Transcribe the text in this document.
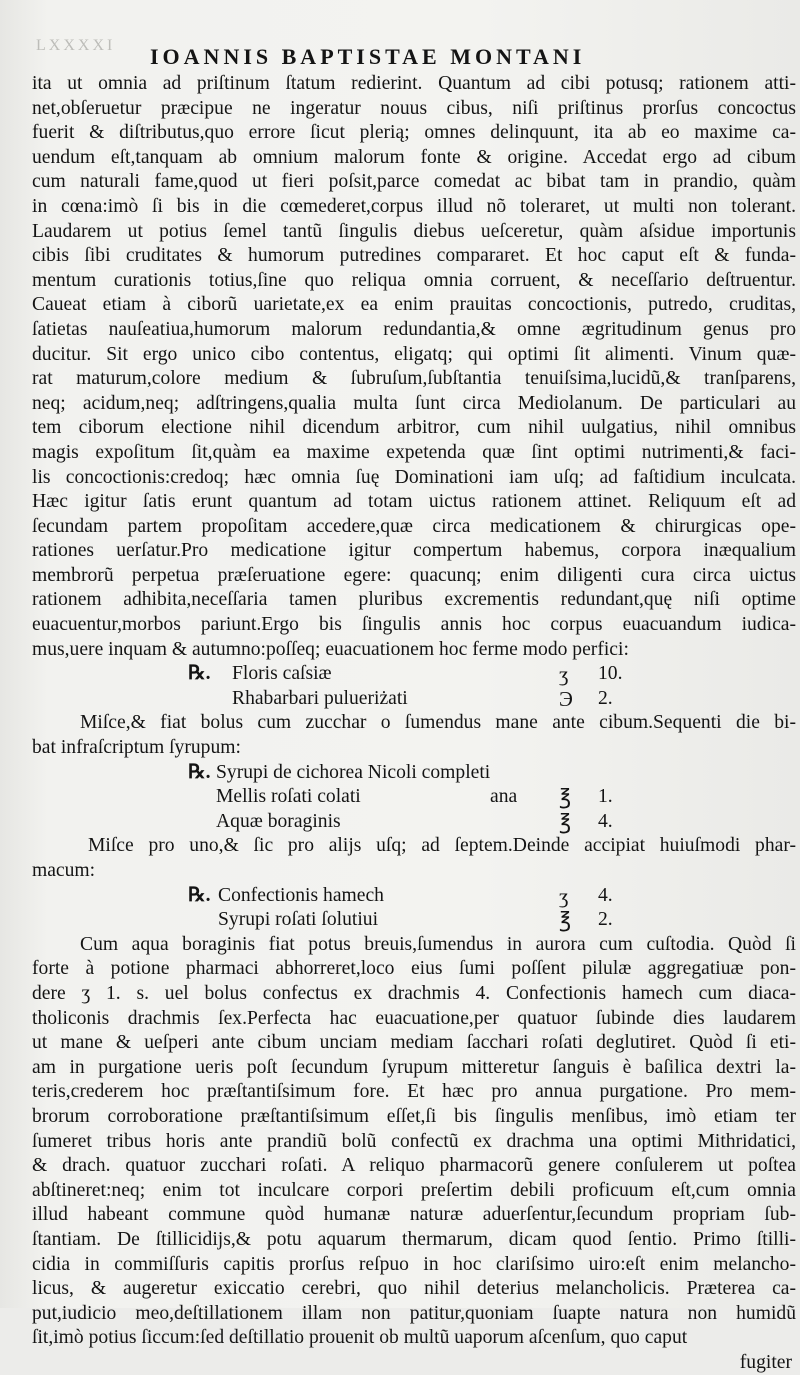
LXXXXI IOANNIS BAPTISTAE MONTANI

ita ut omnia ad priſtinum ſtatum redierint. Quantum ad cibi potusq; rationem atti-

net,obſeruetur præcipue ne ingeratur nouus cibus, niſi priſtinus prorſus concoctus

fuerit & diſtributus,quo errore ſicut plerią; omnes delinquunt, ita ab eo maxime ca-

uendum eſt,tanquam ab omnium malorum fonte & origine. Accedat ergo ad cibum

cum naturali fame,quod ut fieri poſsit,parce comedat ac bibat tam in prandio, quàm

in cœna:imò ſi bis in die cœmederet,corpus illud nõ toleraret, ut multi non tolerant.

Laudarem ut potius ſemel tantũ ſingulis diebus ueſceretur, quàm aſsidue importunis

cibis ſibi cruditates & humorum putredines compararet. Et hoc caput eſt & funda-

mentum curationis totius,ſine quo reliqua omnia corruent, & neceſſario deſtruentur.

Caueat etiam à ciborũ uarietate,ex ea enim prauitas concoctionis, putredo, cruditas,

ſatietas nauſeatiua,humorum malorum redundantia,& omne ægritudinum genus pro

ducitur. Sit ergo unico cibo contentus, eligatq; qui optimi ſit alimenti. Vinum quæ-

rat maturum,colore medium & ſubruſum,ſubſtantia tenuiſsima,lucidũ,& tranſparens,

neq; acidum,neq; adſtringens,qualia multa ſunt circa Mediolanum. De particulari au

tem ciborum electione nihil dicendum arbitror, cum nihil uulgatius, nihil omnibus

magis expoſitum ſit,quàm ea maxime expetenda quæ ſint optimi nutrimenti,& faci-

lis concoctionis:credoq; hæc omnia ſuę Dominationi iam uſq; ad faſtidium inculcata.

Hæc igitur ſatis erunt quantum ad totam uictus rationem attinet. Reliquum eſt ad

ſecundam partem propoſitam accedere,quæ circa medicationem & chirurgicas ope-

rationes uerſatur.Pro medicatione igitur compertum habemus, corpora inæqualium

membrorũ perpetua præſeruatione egere: quacunq; enim diligenti cura circa uictus

rationem adhibita,neceſſaria tamen pluribus excrementis redundant,quę niſi optime

euacuentur,morbos pariunt.Ergo bis ſingulis annis hoc corpus euacuandum iudica-

mus,uere inquam & autumno:poſſeq; euacuationem hoc ferme modo perfici:

℞. Floris caſsiæ	ʒ 10.
Rhabarbari pulueriżati	Э 2.

Miſce,& fiat bolus cum zucchar o ſumendus mane ante cibum.Sequenti die bi-

bat infraſcriptum ſyrupum:

℞. Syrupi de cichorea Nicoli completi
Mellis roſati colati	ana ℥ 1.
Aquæ boraginis	℥ 4.

Miſce pro uno,& ſic pro alijs uſq; ad ſeptem.Deinde accipiat huiuſmodi phar-

macum:

℞. Confectionis hamech	ʒ 4.
Syrupi roſati ſolutiui	℥ 2.

Cum aqua boraginis fiat potus breuis,ſumendus in aurora cum cuſtodia. Quòd ſi

forte à potione pharmaci abhorreret,loco eius ſumi poſſent pilulæ aggregatiuæ pon-

dere ʒ 1. s. uel bolus confectus ex drachmis 4. Confectionis hamech cum diaca-

tholiconis drachmis ſex.Perfecta hac euacuatione,per quatuor ſubinde dies laudarem

ut mane & ueſperi ante cibum unciam mediam ſacchari roſati deglutiret. Quòd ſi eti-

am in purgatione ueris poſt ſecundum ſyrupum mitteretur ſanguis è baſilica dextri la-

teris,crederem hoc præſtantiſsimum fore. Et hæc pro annua purgatione. Pro mem-

brorum corroboratione præſtantiſsimum eſſet,ſi bis ſingulis menſibus, imò etiam ter

ſumeret tribus horis ante prandiũ bolũ confectũ ex drachma una optimi Mithridatici,

& drach. quatuor zucchari roſati. A reliquo pharmacorũ genere conſulerem ut poſtea

abſtineret:neq; enim tot inculcare corpori preſertim debili proficuum eſt,cum omnia

illud habeant commune quòd humanæ naturæ aduerſentur,ſecundum propriam ſub-

ſtantiam. De ſtillicidijs,& potu aquarum thermarum, dicam quod ſentio. Primo ſtilli-

cidia in commiſſuris capitis prorſus reſpuo in hoc clariſsimo uiro:eſt enim melancho-

licus, & augeretur exiccatio cerebri, quo nihil deterius melancholicis. Præterea ca-

put,iudicio meo,deſtillationem illam non patitur,quoniam ſuapte natura non humidũ

ſit,imò potius ſiccum:ſed deſtillatio prouenit ob multũ uaporum aſcenſum, quo caput

fugiter
